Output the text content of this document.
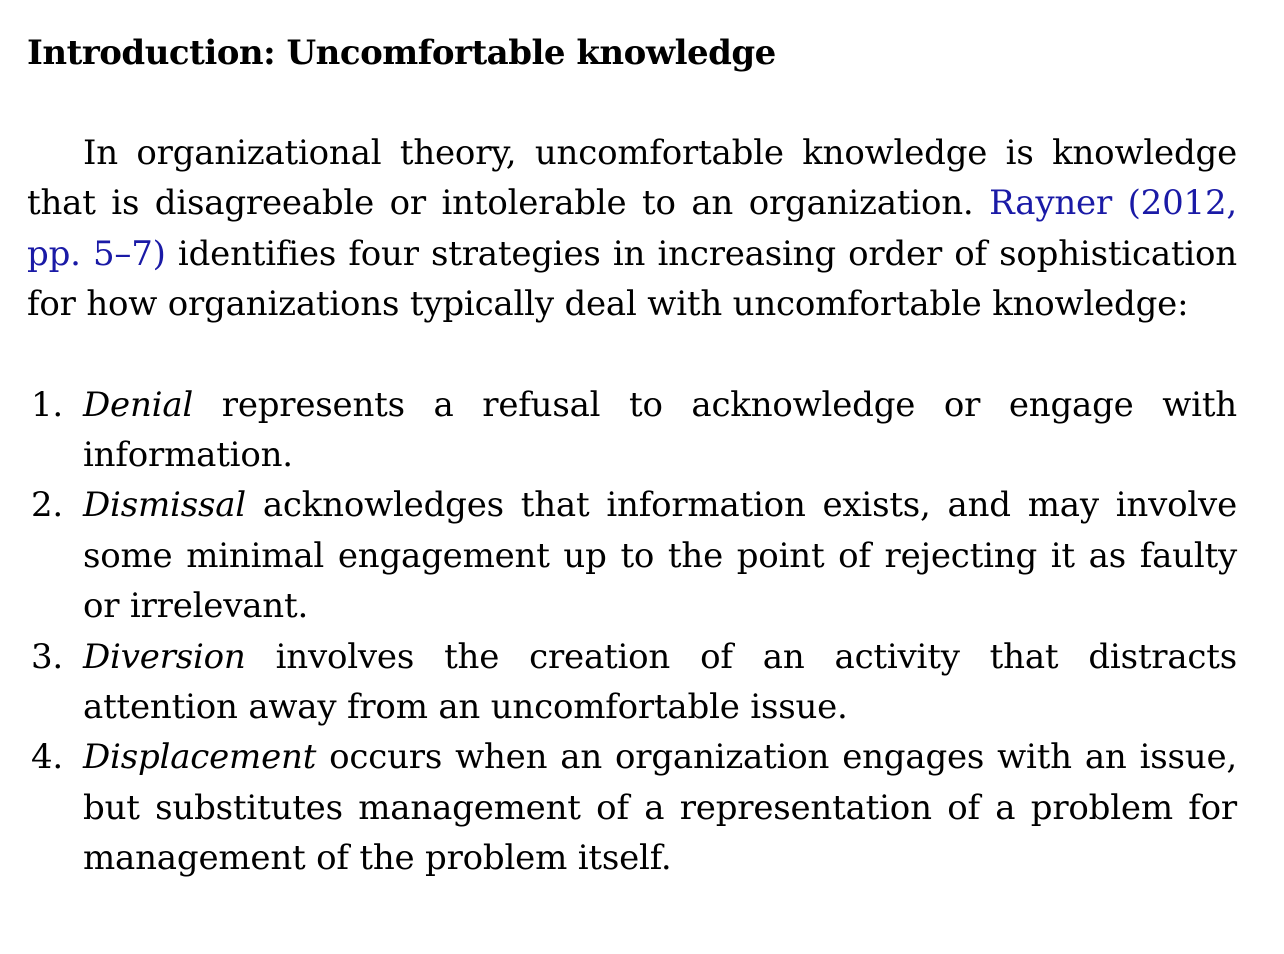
Introduction: Uncomfortable knowledge

In organizational theory, uncomfortable knowledge is knowledge that is disagreeable or intolerable to an organization. Rayner (2012, pp. 5–7) identifies four strategies in increasing order of sophistication for how organizations typically deal with uncomfortable knowledge:

1. Denial represents a refusal to acknowledge or engage with information.
2. Dismissal acknowledges that information exists, and may involve some minimal engagement up to the point of rejecting it as faulty or irrelevant.
3. Diversion involves the creation of an activity that distracts attention away from an uncomfortable issue.
4. Displacement occurs when an organization engages with an issue, but substitutes management of a representation of a problem for management of the problem itself.
